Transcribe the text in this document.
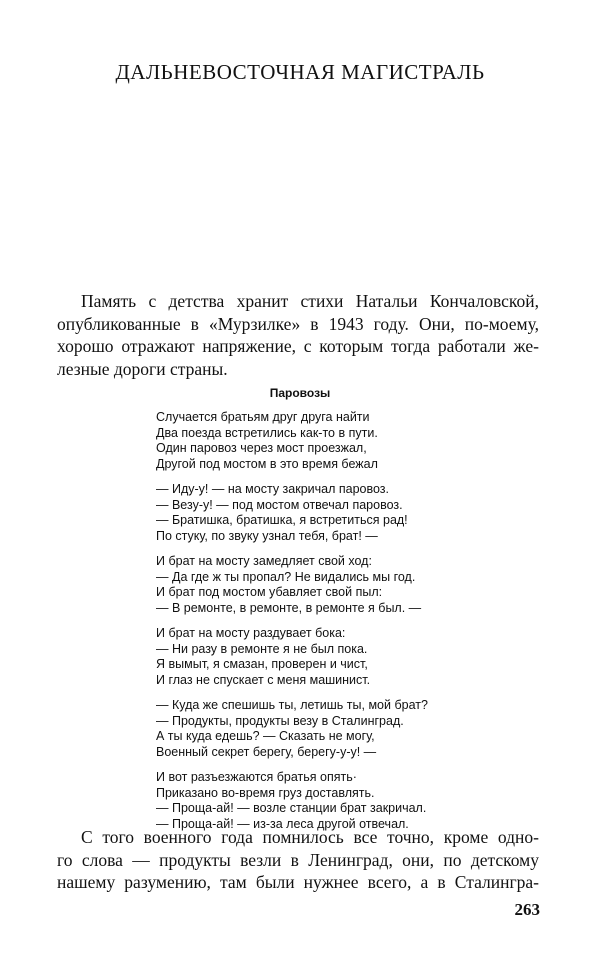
ДАЛЬНЕВОСТОЧНАЯ МАГИСТРАЛЬ
Память с детства хранит стихи Натальи Кончаловской,
опубликованные в «Мурзилке» в 1943 году. Они, по-моему,
хорошо отражают напряжение, с которым тогда работали же-
лезные дороги страны.
Паровозы
Случается братьям друг друга найти
Два поезда встретились как-то в пути.
Один паровоз через мост проезжал,
Другой под мостом в это время бежал
— Иду-у! — на мосту закричал паровоз.
— Везу-у! — под мостом отвечал паровоз.
— Братишка, братишка, я встретиться рад!
По стуку, по звуку узнал тебя, брат! —
И брат на мосту замедляет свой ход:
— Да где ж ты пропал? Не видались мы год.
И брат под мостом убавляет свой пыл:
— В ремонте, в ремонте, в ремонте я был. —
И брат на мосту раздувает бока:
— Ни разу в ремонте я не был пока.
Я вымыт, я смазан, проверен и чист,
И глаз не спускает с меня машинист.
— Куда же спешишь ты, летишь ты, мой брат?
— Продукты, продукты везу в Сталинград.
А ты куда едешь? — Сказать не могу,
Военный секрет берегу, берегу-у-у! —
И вот разъезжаются братья опять·
Приказано во-время груз доставлять.
— Проща-ай! — возле станции брат закричал.
— Проща-ай! — из-за леса другой отвечал.
С того военного года помнилось все точно, кроме одно-
го слова — продукты везли в Ленинград, они, по детскому
нашему разумению, там были нужнее всего, а в Сталингра-
263
